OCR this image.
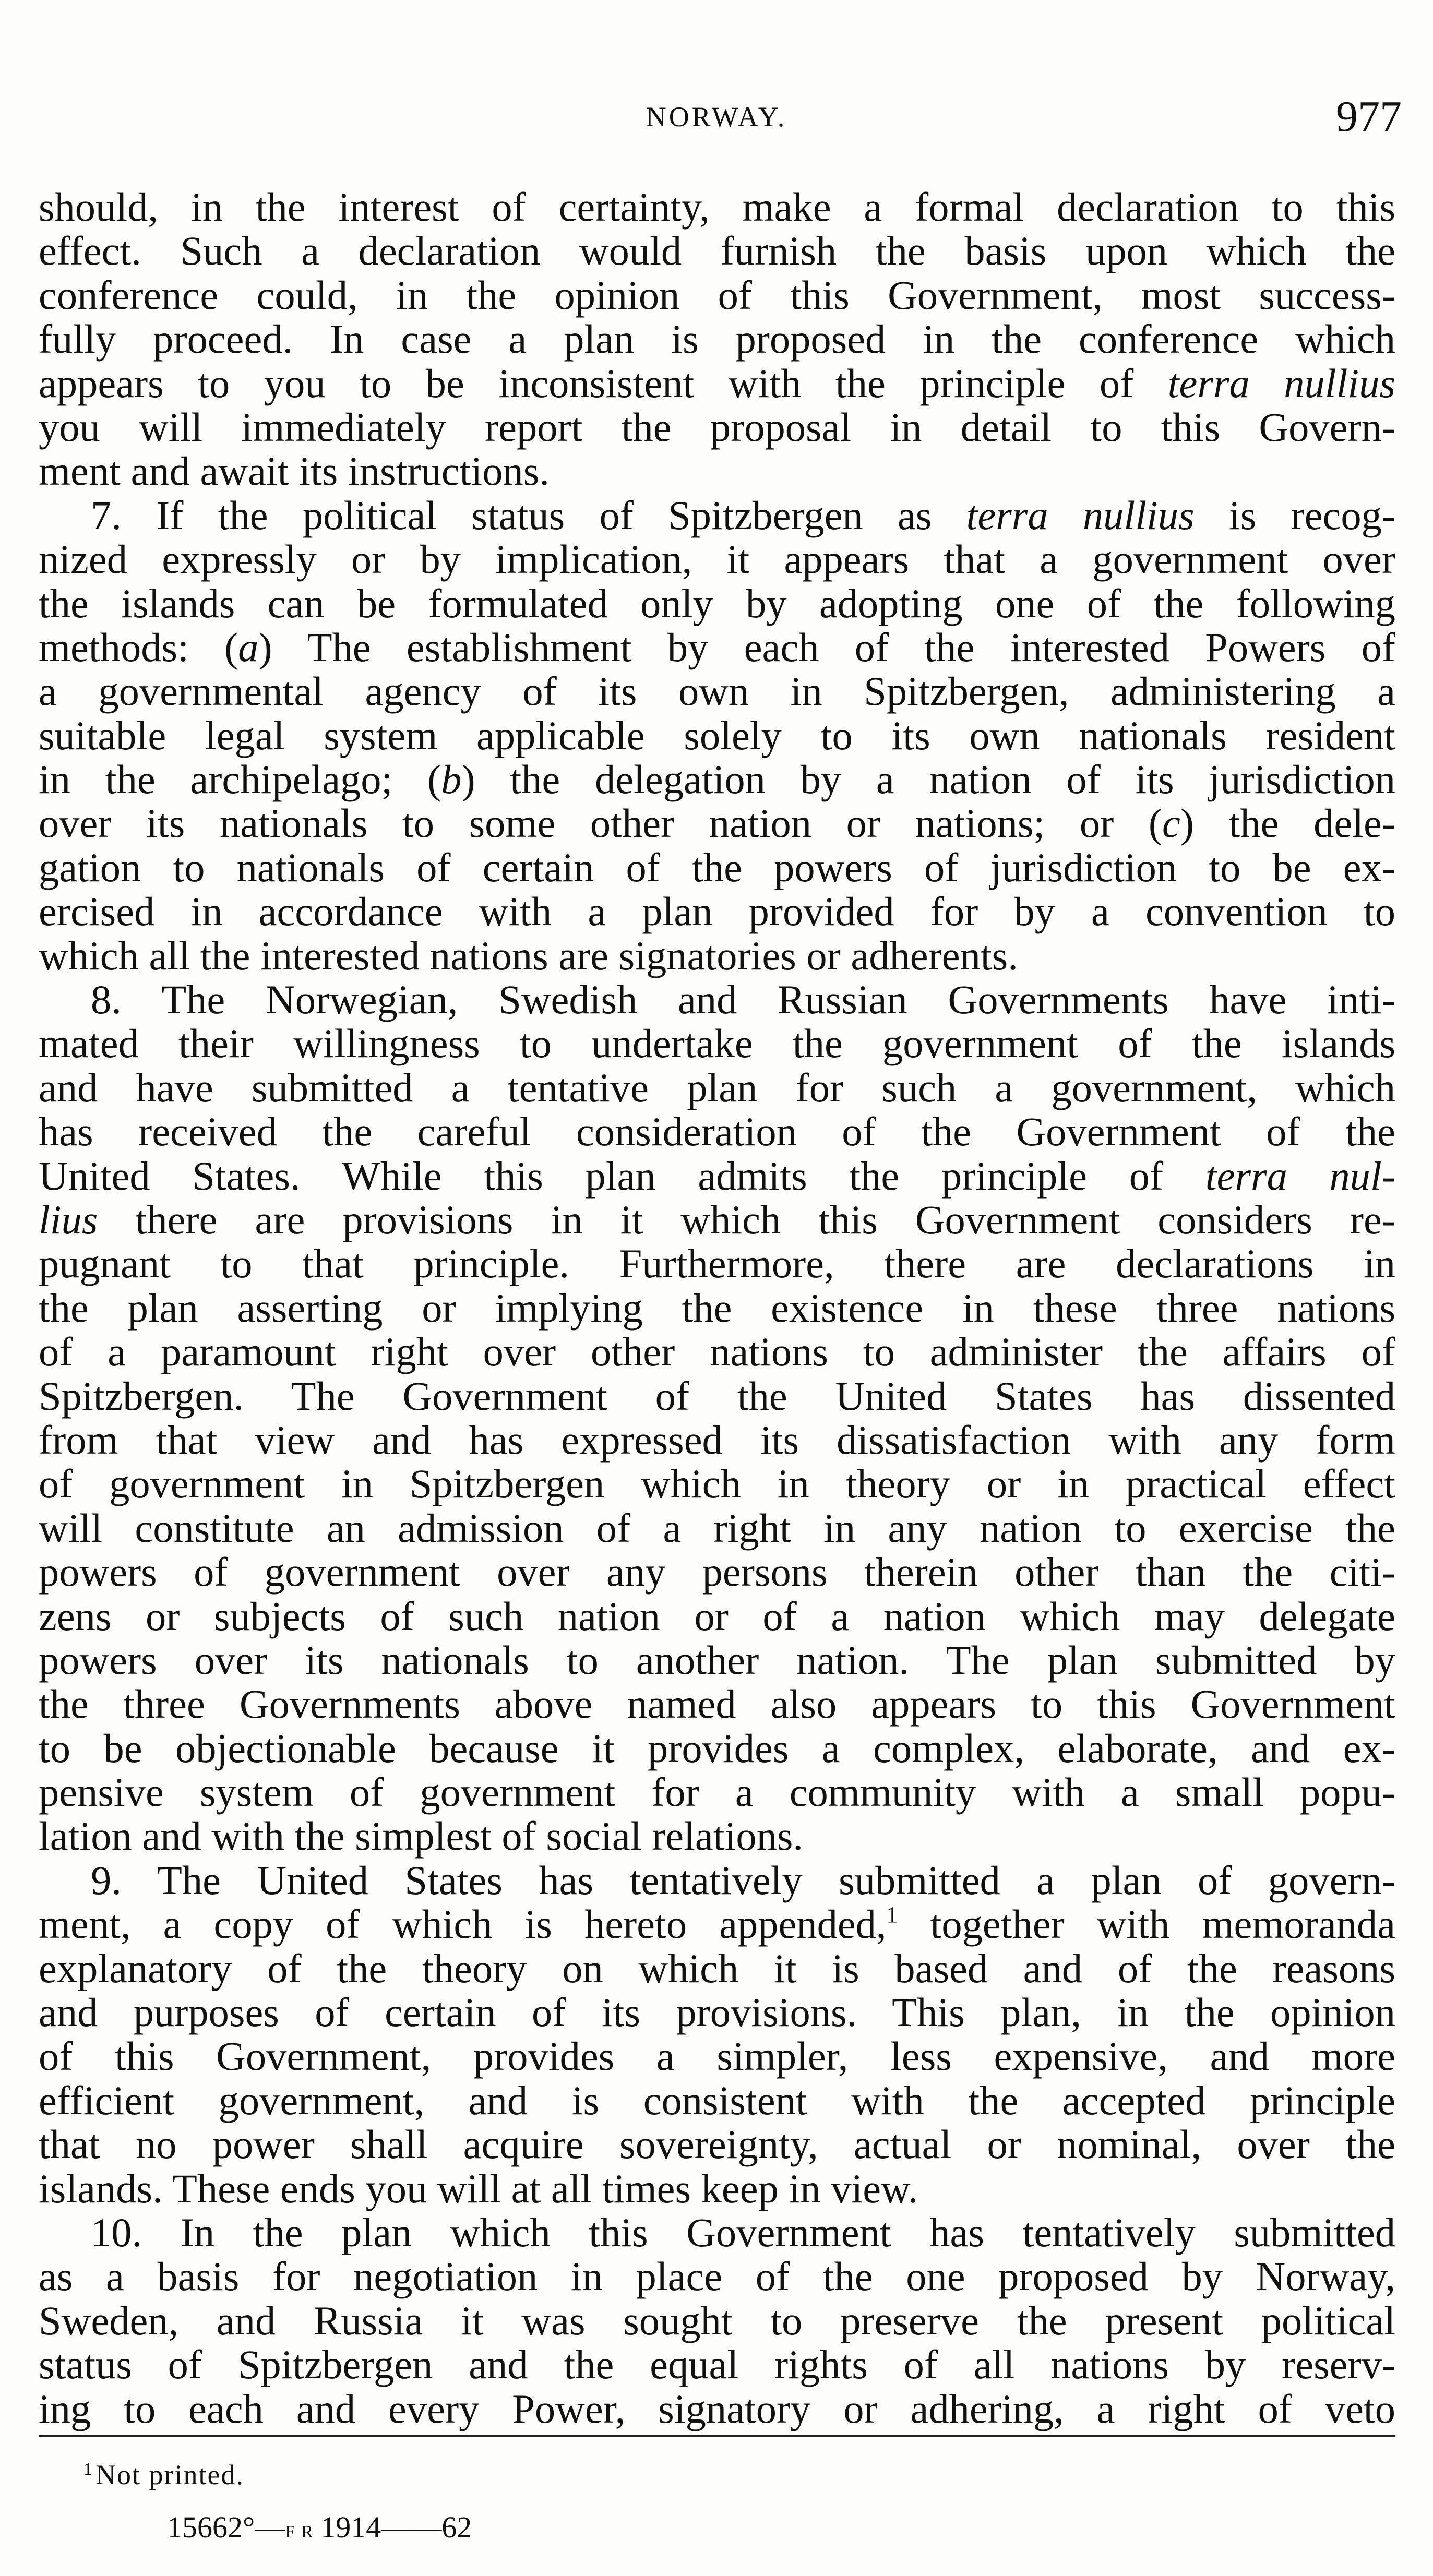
NORWAY.	977
should, in the interest of certainty, make a formal declaration to this
effect. Such a declaration would furnish the basis upon which the
conference could, in the opinion of this Government, most success-
fully proceed. In case a plan is proposed in the conference which
appears to you to be inconsistent with the principle of terra nullius
you will immediately report the proposal in detail to this Govern-
ment and await its instructions.
7. If the political status of Spitzbergen as terra nullius is recog-
nized expressly or by implication, it appears that a government over
the islands can be formulated only by adopting one of the following
methods: (a) The establishment by each of the interested Powers of
a governmental agency of its own in Spitzbergen, administering a
suitable legal system applicable solely to its own nationals resident
in the archipelago; (b) the delegation by a nation of its jurisdiction
over its nationals to some other nation or nations; or (c) the dele-
gation to nationals of certain of the powers of jurisdiction to be ex-
ercised in accordance with a plan provided for by a convention to
which all the interested nations are signatories or adherents.
8. The Norwegian, Swedish and Russian Governments have inti-
mated their willingness to undertake the government of the islands
and have submitted a tentative plan for such a government, which
has received the careful consideration of the Government of the
United States. While this plan admits the principle of terra nul-
lius there are provisions in it which this Government considers re-
pugnant to that principle. Furthermore, there are declarations in
the plan asserting or implying the existence in these three nations
of a paramount right over other nations to administer the affairs of
Spitzbergen. The Government of the United States has dissented
from that view and has expressed its dissatisfaction with any form
of government in Spitzbergen which in theory or in practical effect
will constitute an admission of a right in any nation to exercise the
powers of government over any persons therein other than the citi-
zens or subjects of such nation or of a nation which may delegate
powers over its nationals to another nation. The plan submitted by
the three Governments above named also appears to this Government
to be objectionable because it provides a complex, elaborate, and ex-
pensive system of government for a community with a small popu-
lation and with the simplest of social relations.
9. The United States has tentatively submitted a plan of govern-
ment, a copy of which is hereto appended,$^1$ together with memoranda
explanatory of the theory on which it is based and of the reasons
and purposes of certain of its provisions. This plan, in the opinion
of this Government, provides a simpler, less expensive, and more
efficient government, and is consistent with the accepted principle
that no power shall acquire sovereignty, actual or nominal, over the
islands. These ends you will at all times keep in view.
10. In the plan which this Government has tentatively submitted
as a basis for negotiation in place of the one proposed by Norway,
Sweden, and Russia it was sought to preserve the present political
status of Spitzbergen and the equal rights of all nations by reserv-
ing to each and every Power, signatory or adhering, a right of veto
$^1$Not printed.
15662°—f r 1914——62
